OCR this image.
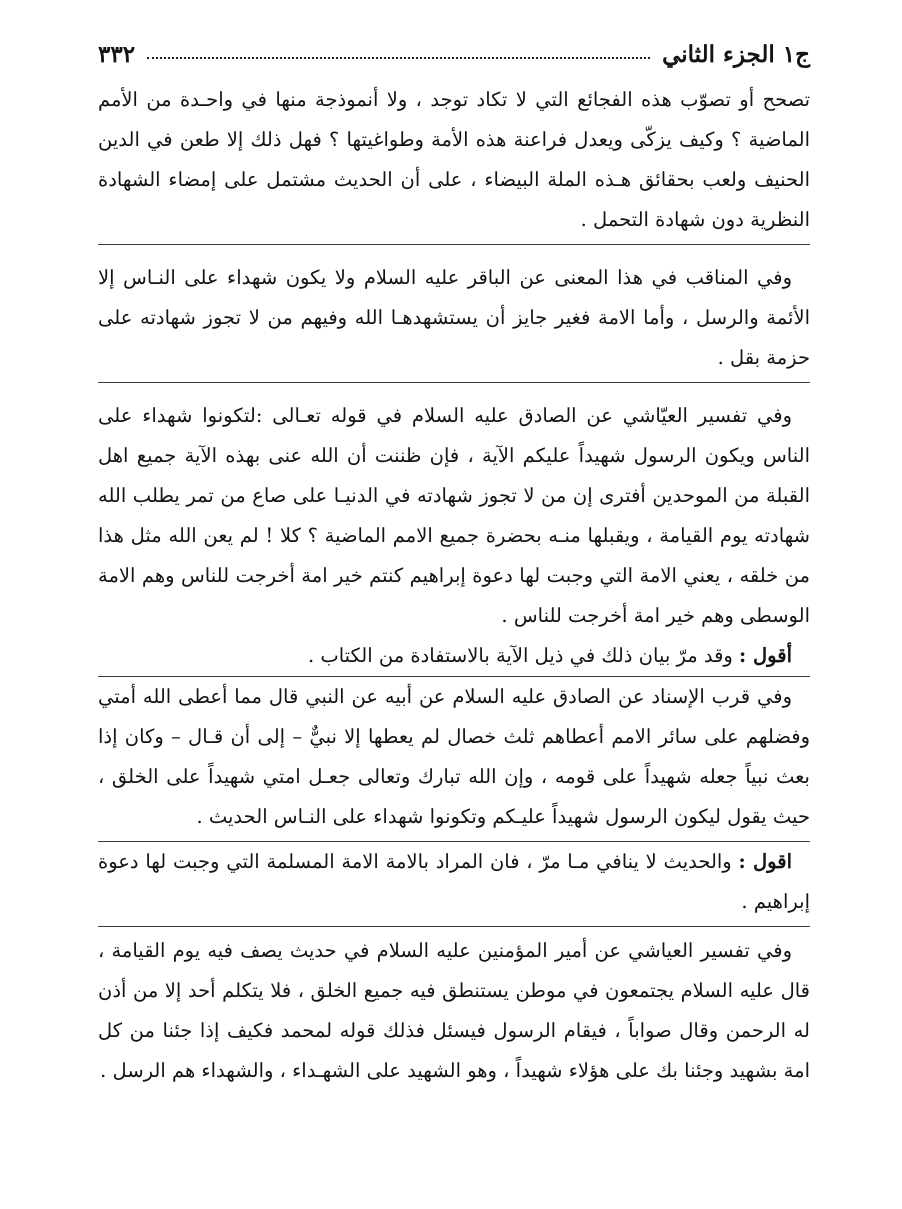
٣٣٢	ج١ الجزء الثاني

تصحح أو تصوّب هذه الفجائع التي لا تكاد توجد ، ولا أنموذجة منها في واحـدة من الأمم الماضية ؟ وكيف يزكّى ويعدل فراعنة هذه الأمة وطواغيتها ؟ فهل ذلك إلا طعن في الدين الحنيف ولعب بحقائق هـذه الملة البيضاء ، على أن الحديث مشتمل على إمضاء الشهادة النظرية دون شهادة التحمل .

وفي المناقب في هذا المعنى عن الباقر عليه السلام ولا يكون شهداء على النـاس إلا الأئمة والرسل ، وأما الامة فغير جايز أن يستشهدهـا الله وفيهم من لا تجوز شهادته على حزمة بقل .

وفي تفسير العيّاشي عن الصادق عليه السلام في قوله تعـالى :لتكونوا شهداء على الناس ويكون الرسول شهيداً عليكم الآية ، فإن ظننت أن الله عنى بهذه الآية جميع اهل القبلة من الموحدين أفترى إن من لا تجوز شهادته في الدنيـا على صاع من تمر يطلب الله شهادته يوم القيامة ، ويقبلها منـه بحضرة جميع الامم الماضية ؟ كلا ! لم يعن الله مثل هذا من خلقه ، يعني الامة التي وجبت لها دعوة إبراهيم كنتم خير امة أخرجت للناس وهم الامة الوسطى وهم خير امة أخرجت للناس .

أقول : وقد مرّ بيان ذلك في ذيل الآية بالاستفادة من الكتاب .

وفي قرب الإسناد عن الصادق عليه السلام عن أبيه عن النبي قال مما أعطى الله أمتي وفضلهم على سائر الامم أعطاهم ثلث خصال لم يعطها إلا نبيٌّ – إلى أن قـال – وكان إذا بعث نبياً جعله شهيداً على قومه ، وإن الله تبارك وتعالى جعـل امتي شهيداً على الخلق ، حيث يقول ليكون الرسول شهيداً عليـكم وتكونوا شهداء على النـاس الحديث .

اقول : والحديث لا ينافي مـا مرّ ، فان المراد بالامة الامة المسلمة التي وجبت لها دعوة إبراهيم .

وفي تفسير العياشي عن أمير المؤمنين عليه السلام في حديث يصف فيه يوم القيامة ، قال عليه السلام يجتمعون في موطن يستنطق فيه جميع الخلق ، فلا يتكلم أحد إلا من أذن له الرحمن وقال صواباً ، فيقام الرسول فيسئل فذلك قوله لمحمد فكيف إذا جئنا من كل امة بشهيد وجئنا بك على هؤلاء شهيداً ، وهو الشهيد على الشهـداء ، والشهداء هم الرسل .
